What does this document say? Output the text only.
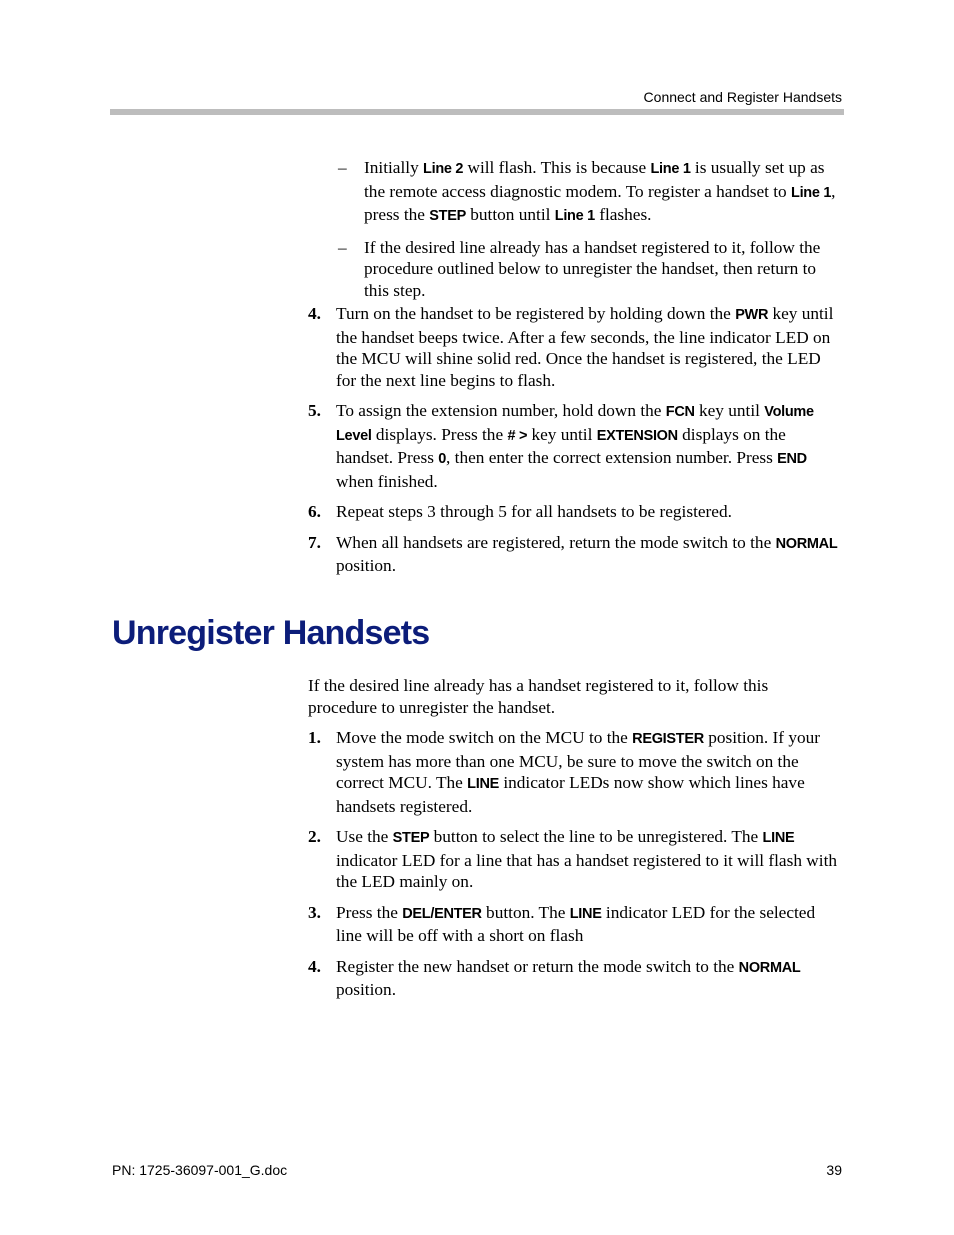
Connect and Register Handsets
– Initially Line 2 will flash. This is because Line 1 is usually set up as the remote access diagnostic modem. To register a handset to Line 1, press the STEP button until Line 1 flashes.

– If the desired line already has a handset registered to it, follow the procedure outlined below to unregister the handset, then return to this step.

4. Turn on the handset to be registered by holding down the PWR key until the handset beeps twice. After a few seconds, the line indicator LED on the MCU will shine solid red. Once the handset is registered, the LED for the next line begins to flash.

5. To assign the extension number, hold down the FCN key until Volume Level displays. Press the # > key until EXTENSION displays on the handset. Press 0, then enter the correct extension number. Press END when finished.

6. Repeat steps 3 through 5 for all handsets to be registered.

7. When all handsets are registered, return the mode switch to the NORMAL position.

Unregister Handsets

If the desired line already has a handset registered to it, follow this procedure to unregister the handset.

1. Move the mode switch on the MCU to the REGISTER position. If your system has more than one MCU, be sure to move the switch on the correct MCU. The LINE indicator LEDs now show which lines have handsets registered.

2. Use the STEP button to select the line to be unregistered. The LINE indicator LED for a line that has a handset registered to it will flash with the LED mainly on.

3. Press the DEL/ENTER button. The LINE indicator LED for the selected line will be off with a short on flash

4. Register the new handset or return the mode switch to the NORMAL position.

PN: 1725-36097-001_G.doc	39
